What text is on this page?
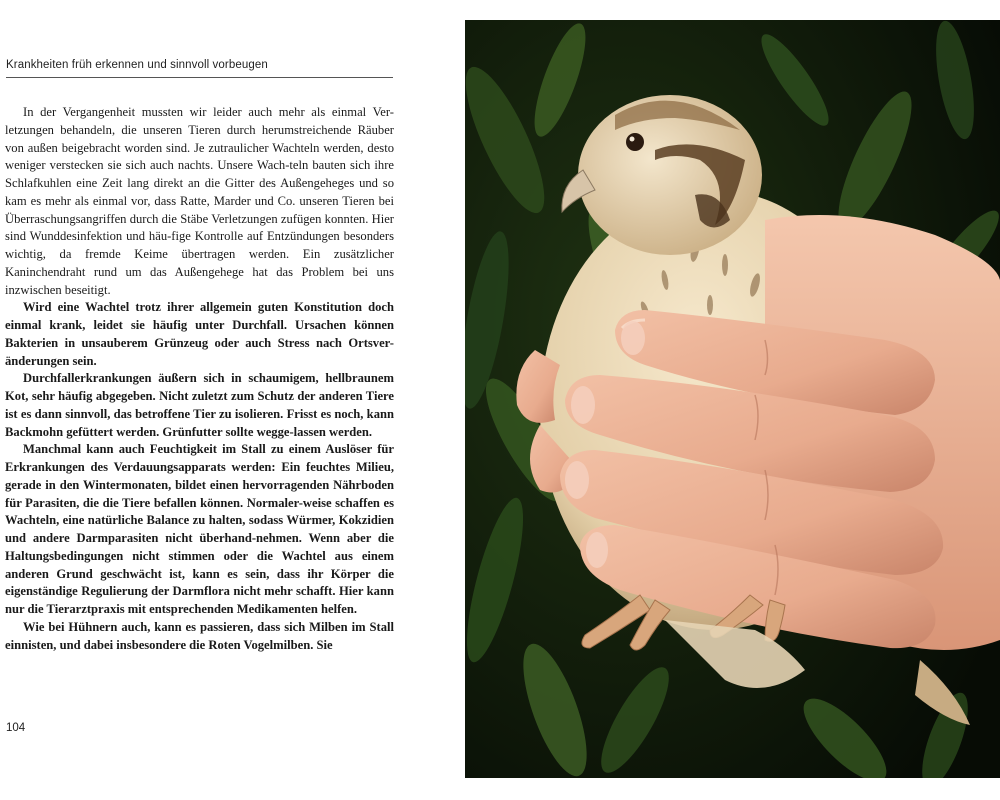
Krankheiten früh erkennen und sinnvoll vorbeugen

In der Vergangenheit mussten wir leider auch mehr als einmal Ver-letzungen behandeln, die unseren Tieren durch herumstreichende Räuber von außen beigebracht worden sind. Je zutraulicher Wachteln werden, desto weniger verstecken sie sich auch nachts. Unsere Wach-teln bauten sich ihre Schlafkuhlen eine Zeit lang direkt an die Gitter des Außengeheges und so kam es mehr als einmal vor, dass Ratte, Marder und Co. unseren Tieren bei Überraschungsangriffen durch die Stäbe Verletzungen zufügen konnten. Hier sind Wunddesinfektion und häu-fige Kontrolle auf Entzündungen besonders wichtig, da fremde Keime übertragen werden. Ein zusätzlicher Kaninchendraht rund um das Außengehege hat das Problem bei uns inzwischen beseitigt.

Wird eine Wachtel trotz ihrer allgemein guten Konstitution doch einmal krank, leidet sie häufig unter Durchfall. Ursachen können Bakterien in unsauberem Grünzeug oder auch Stress nach Ortsver-änderungen sein.

Durchfallerkrankungen äußern sich in schaumigem, hellbraunem Kot, sehr häufig abgegeben. Nicht zuletzt zum Schutz der anderen Tiere ist es dann sinnvoll, das betroffene Tier zu isolieren. Frisst es noch, kann Backmohn gefüttert werden. Grünfutter sollte wegge-lassen werden.

Manchmal kann auch Feuchtigkeit im Stall zu einem Auslöser für Erkrankungen des Verdauungsapparats werden: Ein feuchtes Milieu, gerade in den Wintermonaten, bildet einen hervorragenden Nährboden für Parasiten, die die Tiere befallen können. Normaler-weise schaffen es Wachteln, eine natürliche Balance zu halten, sodass Würmer, Kokzidien und andere Darmparasiten nicht überhand-nehmen. Wenn aber die Haltungsbedingungen nicht stimmen oder die Wachtel aus einem anderen Grund geschwächt ist, kann es sein, dass ihr Körper die eigenständige Regulierung der Darmflora nicht mehr schafft. Hier kann nur die Tierarztpraxis mit entsprechenden Medikamenten helfen.

Wie bei Hühnern auch, kann es passieren, dass sich Milben im Stall einnisten, und dabei insbesondere die Roten Vogelmilben. Sie

104
